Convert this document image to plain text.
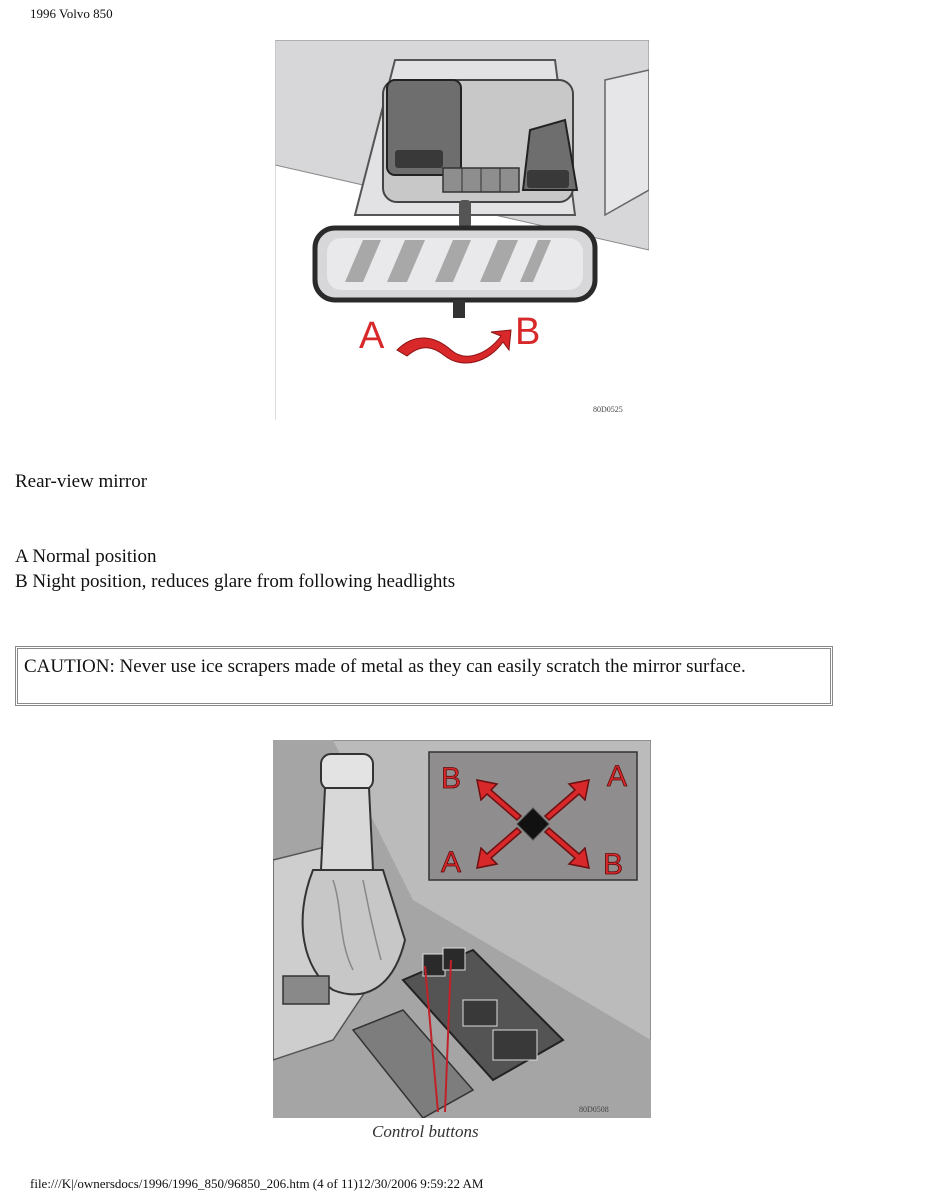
1996 Volvo 850
A	B
80D0525
Rear-view mirror
A Normal position
B Night position, reduces glare from following headlights
CAUTION: Never use ice scrapers made of metal as they can easily scratch the mirror surface.
B	A
A	B
80D0508
Control buttons
file:///K|/ownersdocs/1996/1996_850/96850_206.htm (4 of 11)12/30/2006 9:59:22 AM
